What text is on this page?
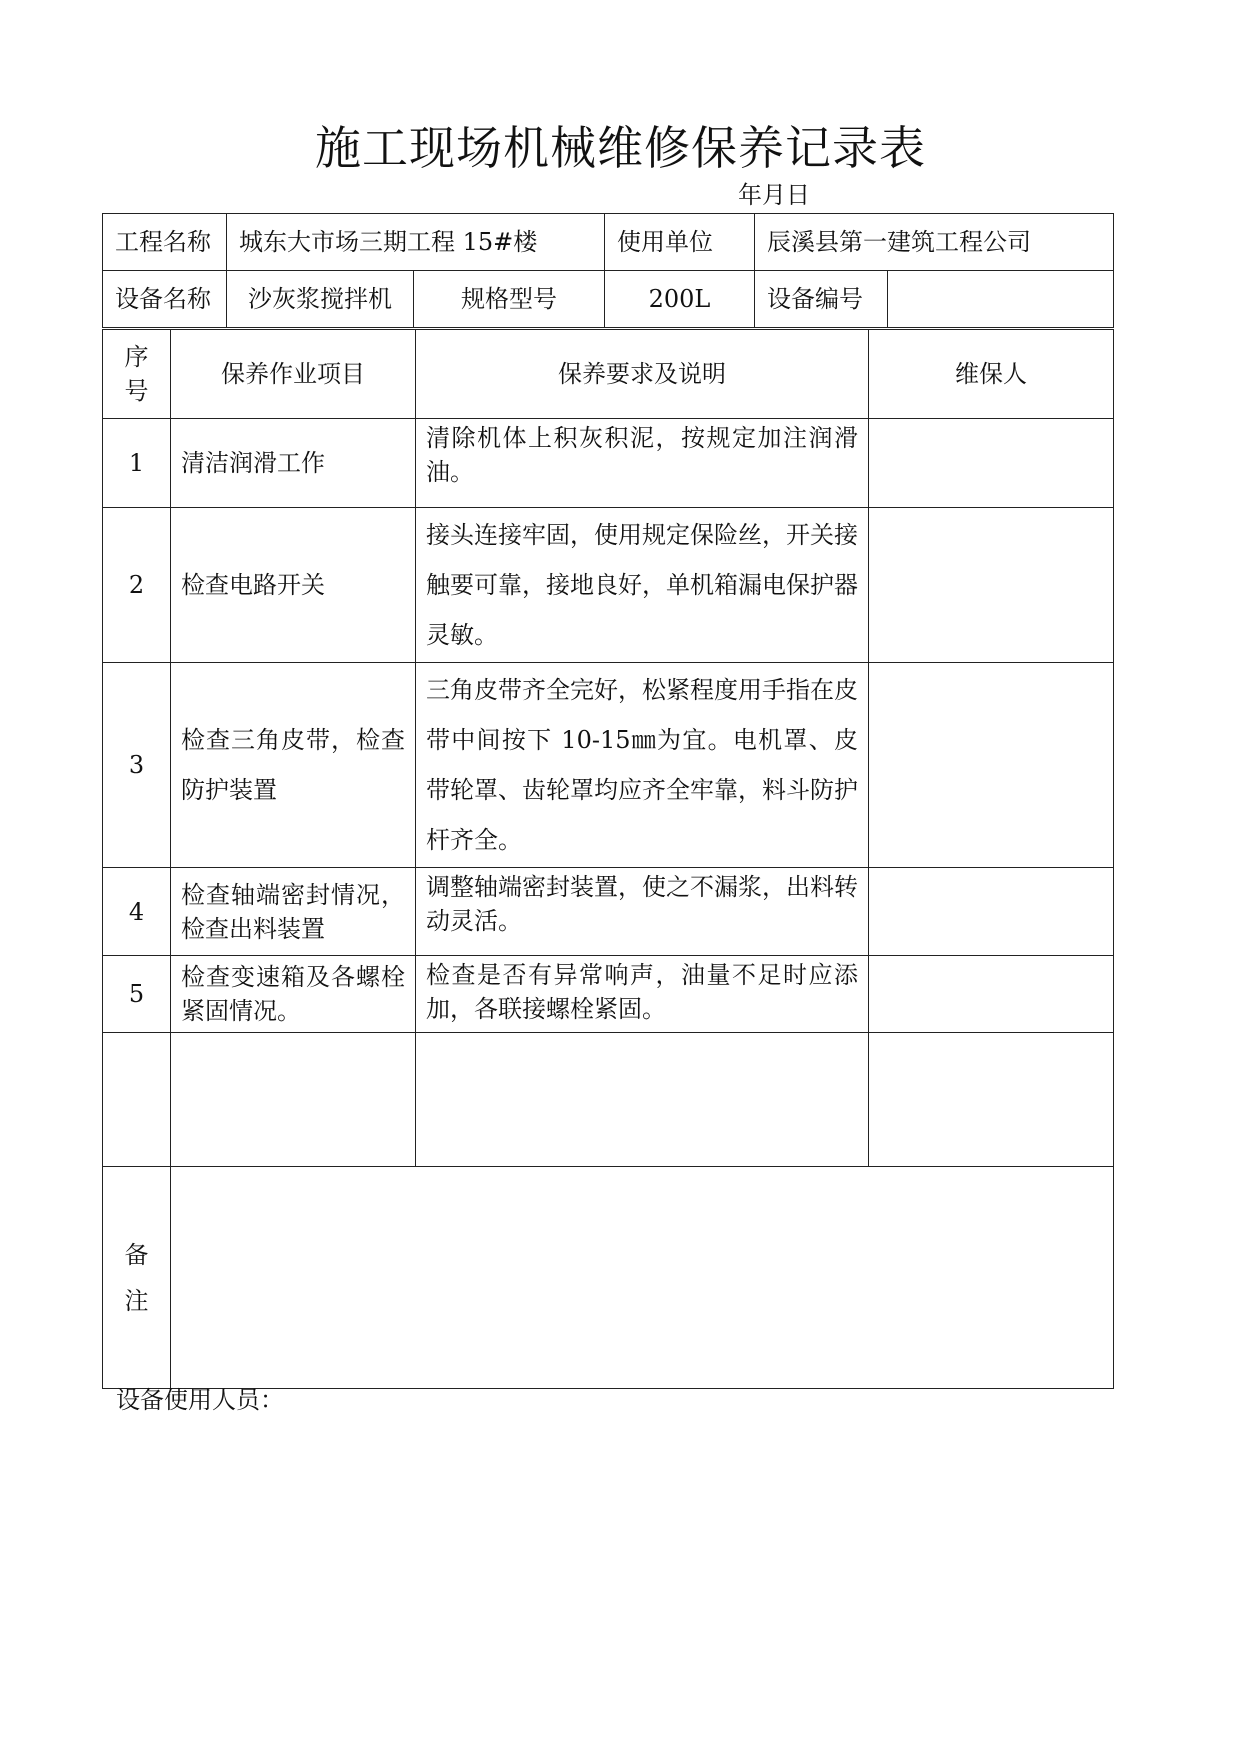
施工现场机械维修保养记录表
年月日
工程名称	城东大市场三期工程 15#楼		使用单位	辰溪县第一建筑工程公司	
设备名称	沙灰浆搅拌机	规格型号	200L	设备编号	
序
号	保养作业项目	保养要求及说明	维保人
1	清洁润滑工作	清除机体上积灰积泥，按规定加注润滑油。	
2	检查电路开关	接头连接牢固，使用规定保险丝，开关接触要可靠，接地良好，单机箱漏电保护器灵敏。	
3	检查三角皮带，检查防护装置	三角皮带齐全完好，松紧程度用手指在皮带中间按下 10-15㎜为宜。电机罩、皮带轮罩、齿轮罩均应齐全牢靠，料斗防护杆齐全。	
4	检查轴端密封情况，检查出料装置	调整轴端密封装置，使之不漏浆，出料转动灵活。	
5	检查变速箱及各螺栓紧固情况。	检查是否有异常响声，油量不足时应添加，各联接螺栓紧固。	

备
注			

设备使用人员：
